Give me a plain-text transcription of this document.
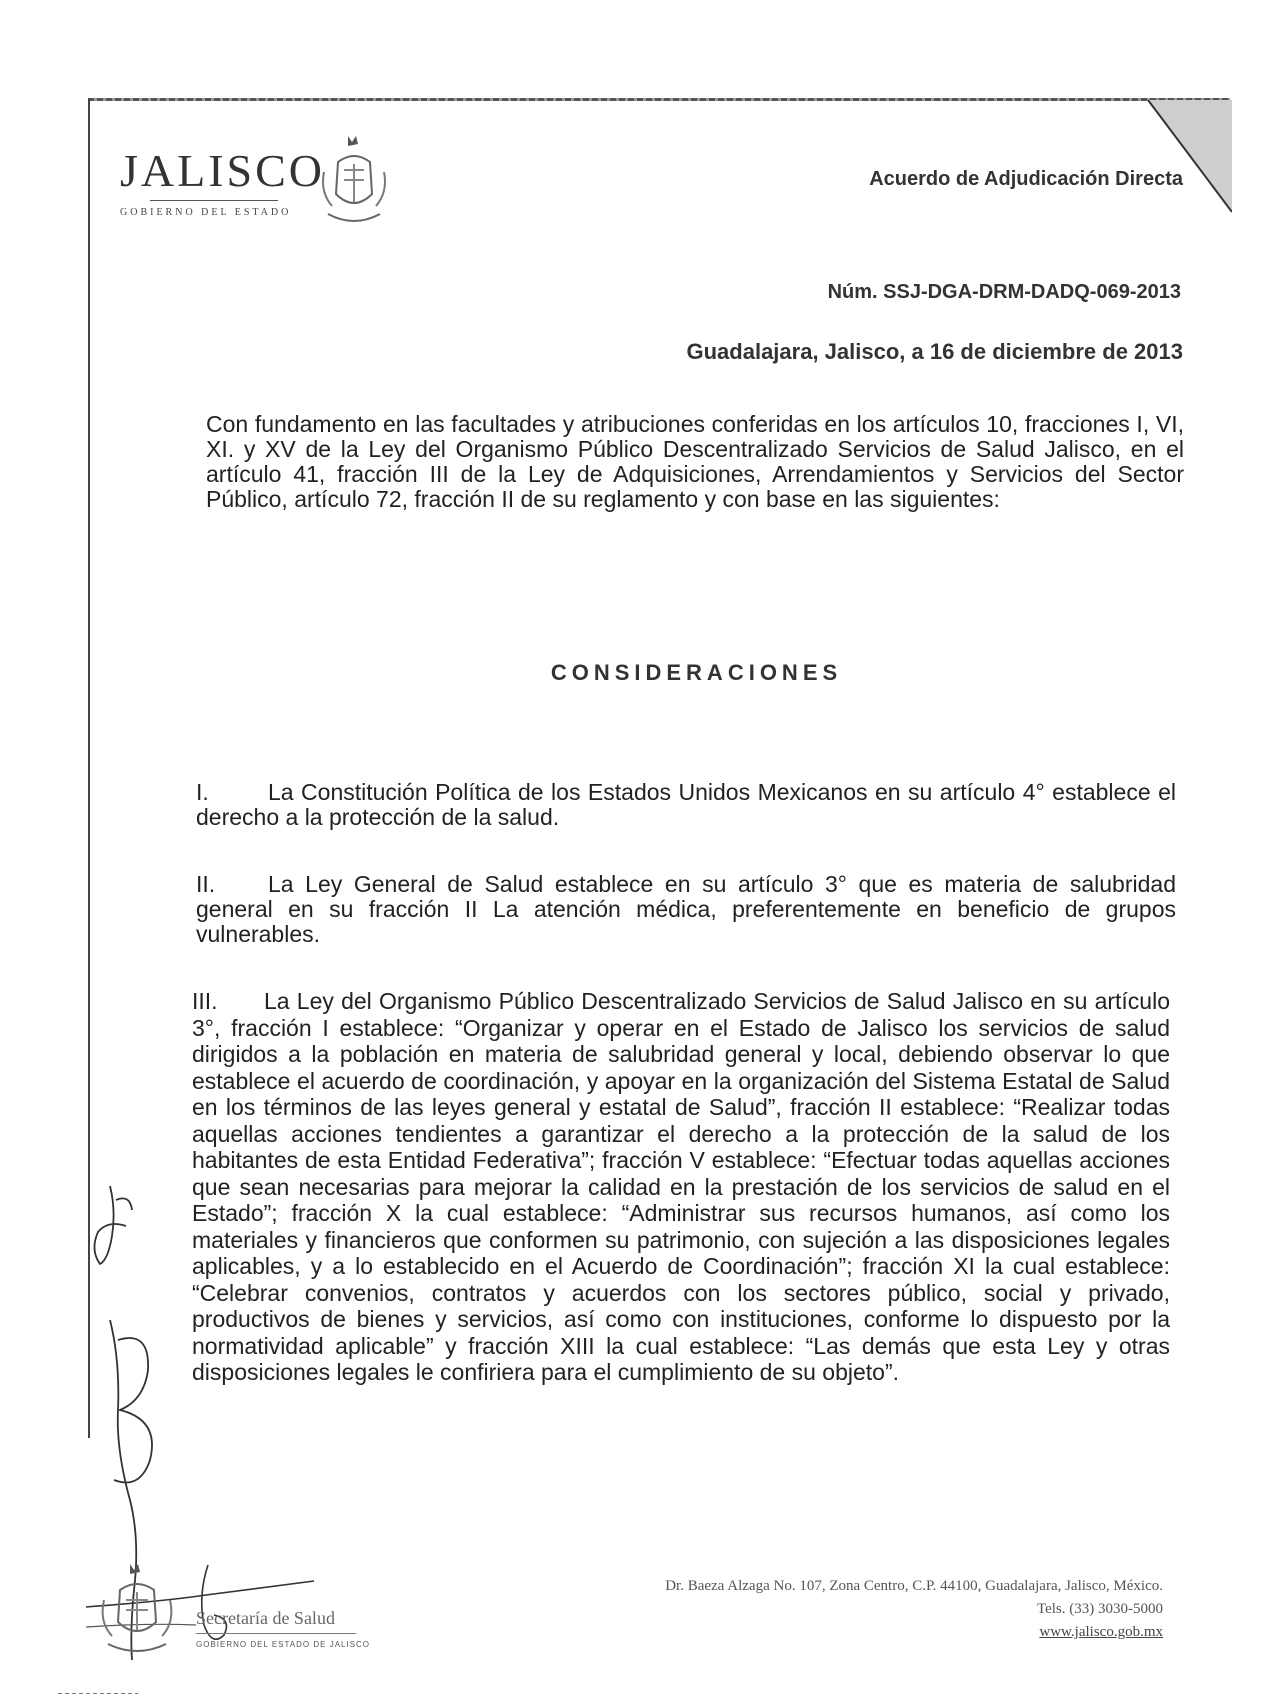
JALISCO
GOBIERNO DEL ESTADO
Acuerdo de Adjudicación Directa
Núm. SSJ-DGA-DRM-DADQ-069-2013
Guadalajara, Jalisco, a 16 de diciembre de 2013
Con fundamento en las facultades y atribuciones conferidas en los artículos 10, fracciones I, VI, XI. y XV de la Ley del Organismo Público Descentralizado Servicios de Salud Jalisco, en el artículo 41, fracción III de la Ley de Adquisiciones, Arrendamientos y Servicios del Sector Público, artículo 72, fracción II de su reglamento y con base en las siguientes:
CONSIDERACIONES
I.	La Constitución Política de los Estados Unidos Mexicanos en su artículo 4° establece el derecho a la protección de la salud.
II. La Ley General de Salud establece en su artículo 3° que es materia de salubridad general en su fracción II La atención médica, preferentemente en beneficio de grupos vulnerables.
III. La Ley del Organismo Público Descentralizado Servicios de Salud Jalisco en su artículo 3°, fracción I establece: “Organizar y operar en el Estado de Jalisco los servicios de salud dirigidos a la población en materia de salubridad general y local, debiendo observar lo que establece el acuerdo de coordinación, y apoyar en la organización del Sistema Estatal de Salud en los términos de las leyes general y estatal de Salud”, fracción II establece: “Realizar todas aquellas acciones tendientes a garantizar el derecho a la protección de la salud de los habitantes de esta Entidad Federativa”; fracción V establece: “Efectuar todas aquellas acciones que sean necesarias para mejorar la calidad en la prestación de los servicios de salud en el Estado”; fracción X la cual establece: “Administrar sus recursos humanos, así como los materiales y financieros que conformen su patrimonio, con sujeción a las disposiciones legales aplicables, y a lo establecido en el Acuerdo de Coordinación”; fracción XI la cual establece: “Celebrar convenios, contratos y acuerdos con los sectores público, social y privado, productivos de bienes y servicios, así como con instituciones, conforme lo dispuesto por la normatividad aplicable” y fracción XIII la cual establece: “Las demás que esta Ley y otras disposiciones legales le confiriera para el cumplimiento de su objeto”.
Secretaría de Salud
GOBIERNO DEL ESTADO DE JALISCO
Dr. Baeza Alzaga No. 107, Zona Centro, C.P. 44100, Guadalajara, Jalisco, México.
Tels. (33) 3030-5000
www.jalisco.gob.mx
